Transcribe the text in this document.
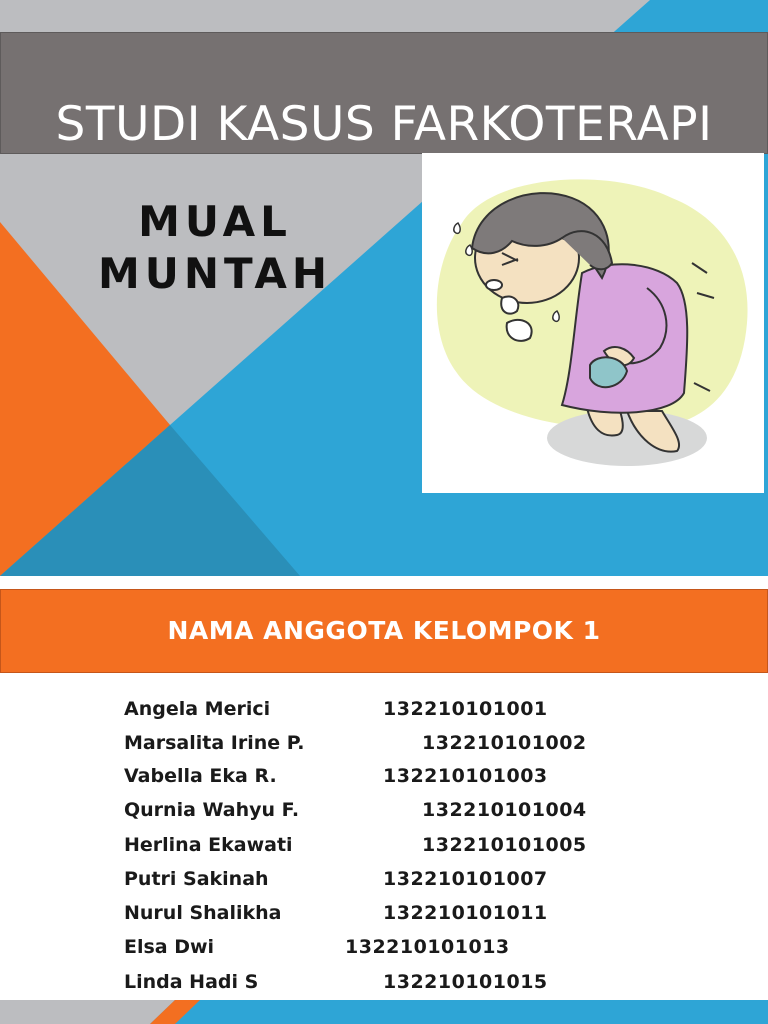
STUDI KASUS FARKOTERAPI
MUAL
MUNTAH
NAMA ANGGOTA KELOMPOK 1
Angela Merici	132210101001
Marsalita Irine P.	132210101002
Vabella Eka R.	132210101003
Qurnia Wahyu F.	132210101004
Herlina Ekawati	132210101005
Putri Sakinah	132210101007
Nurul Shalikha	132210101011
Elsa Dwi	132210101013
Linda Hadi S	132210101015
